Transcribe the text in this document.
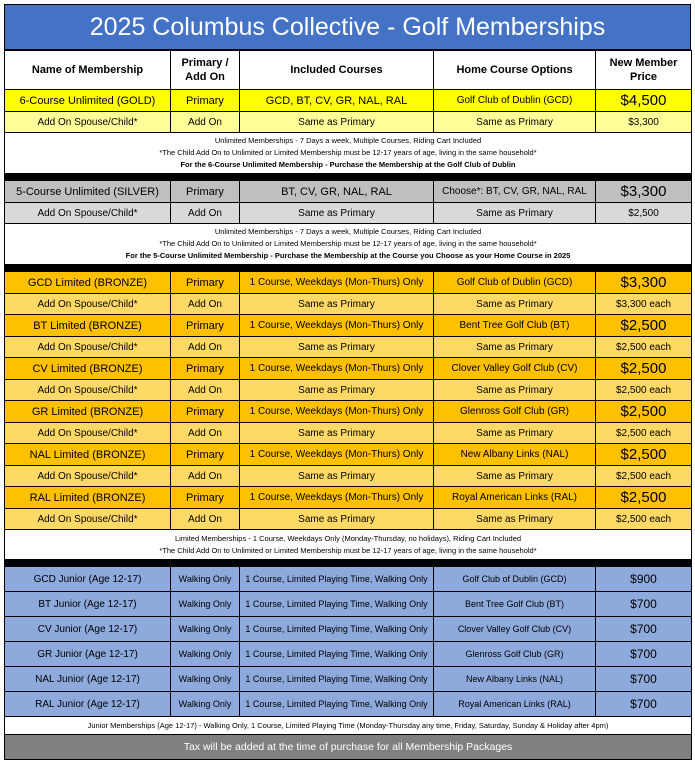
2025 Columbus Collective - Golf Memberships
Name of Membership	Primary / Add On	Included Courses	Home Course Options	New Member Price
6-Course Unlimited (GOLD)	Primary	GCD, BT, CV, GR, NAL, RAL	Golf Club of Dublin (GCD)	$4,500
Add On Spouse/Child*	Add On	Same as Primary	Same as Primary	$3,300

Unlimited Memberships - 7 Days a week, Multiple Courses, Riding Cart Included
*The Child Add On to Unlimited or Limited Membership must be 12-17 years of age, living in the same household*
For the 6-Course Unlimited Membership - Purchase the Membership at the Golf Club of Dublin				

5-Course Unlimited (SILVER)	Primary	BT, CV, GR, NAL, RAL	Choose*: BT, CV, GR, NAL, RAL	$3,300
Add On Spouse/Child*	Add On	Same as Primary	Same as Primary	$2,500

Unlimited Memberships - 7 Days a week, Multiple Courses, Riding Cart Included
*The Child Add On to Unlimited or Limited Membership must be 12-17 years of age, living in the same household*
For the 5-Course Unlimited Membership - Purchase the Membership at the Course you Choose as your Home Course in 2025				

GCD Limited (BRONZE)	Primary	1 Course, Weekdays (Mon-Thurs) Only	Golf Club of Dublin (GCD)	$3,300
Add On Spouse/Child*	Add On	Same as Primary	Same as Primary	$3,300 each
BT Limited (BRONZE)	Primary	1 Course, Weekdays (Mon-Thurs) Only	Bent Tree Golf Club (BT)	$2,500
Add On Spouse/Child*	Add On	Same as Primary	Same as Primary	$2,500 each
CV Limited (BRONZE)	Primary	1 Course, Weekdays (Mon-Thurs) Only	Clover Valley Golf Club (CV)	$2,500
Add On Spouse/Child*	Add On	Same as Primary	Same as Primary	$2,500 each
GR Limited (BRONZE)	Primary	1 Course, Weekdays (Mon-Thurs) Only	Glenross Golf Club (GR)	$2,500
Add On Spouse/Child*	Add On	Same as Primary	Same as Primary	$2,500 each
NAL Limited (BRONZE)	Primary	1 Course, Weekdays (Mon-Thurs) Only	New Albany Links (NAL)	$2,500
Add On Spouse/Child*	Add On	Same as Primary	Same as Primary	$2,500 each
RAL Limited (BRONZE)	Primary	1 Course, Weekdays (Mon-Thurs) Only	Royal American Links (RAL)	$2,500
Add On Spouse/Child*	Add On	Same as Primary	Same as Primary	$2,500 each

Limited Memberships - 1 Course, Weekdays Only (Monday-Thursday, no holidays), Riding Cart Included
*The Child Add On to Unlimited or Limited Membership must be 12-17 years of age, living in the same household*				

GCD Junior (Age 12-17)	Walking Only	1 Course, Limited Playing Time, Walking Only	Golf Club of Dublin (GCD)	$900
BT Junior (Age 12-17)	Walking Only	1 Course, Limited Playing Time, Walking Only	Bent Tree Golf Club (BT)	$700
CV Junior (Age 12-17)	Walking Only	1 Course, Limited Playing Time, Walking Only	Clover Valley Golf Club (CV)	$700
GR Junior (Age 12-17)	Walking Only	1 Course, Limited Playing Time, Walking Only	Glenross Golf Club (GR)	$700
NAL Junior (Age 12-17)	Walking Only	1 Course, Limited Playing Time, Walking Only	New Albany Links (NAL)	$700
RAL Junior (Age 12-17)	Walking Only	1 Course, Limited Playing Time, Walking Only	Royal American Links (RAL)	$700

Junior Memberships (Age 12-17) - Walking Only, 1 Course, Limited Playing Time (Monday-Thursday any time, Friday, Saturday, Sunday & Holiday after 4pm)				

Tax will be added at the time of purchase for all Membership Packages				
